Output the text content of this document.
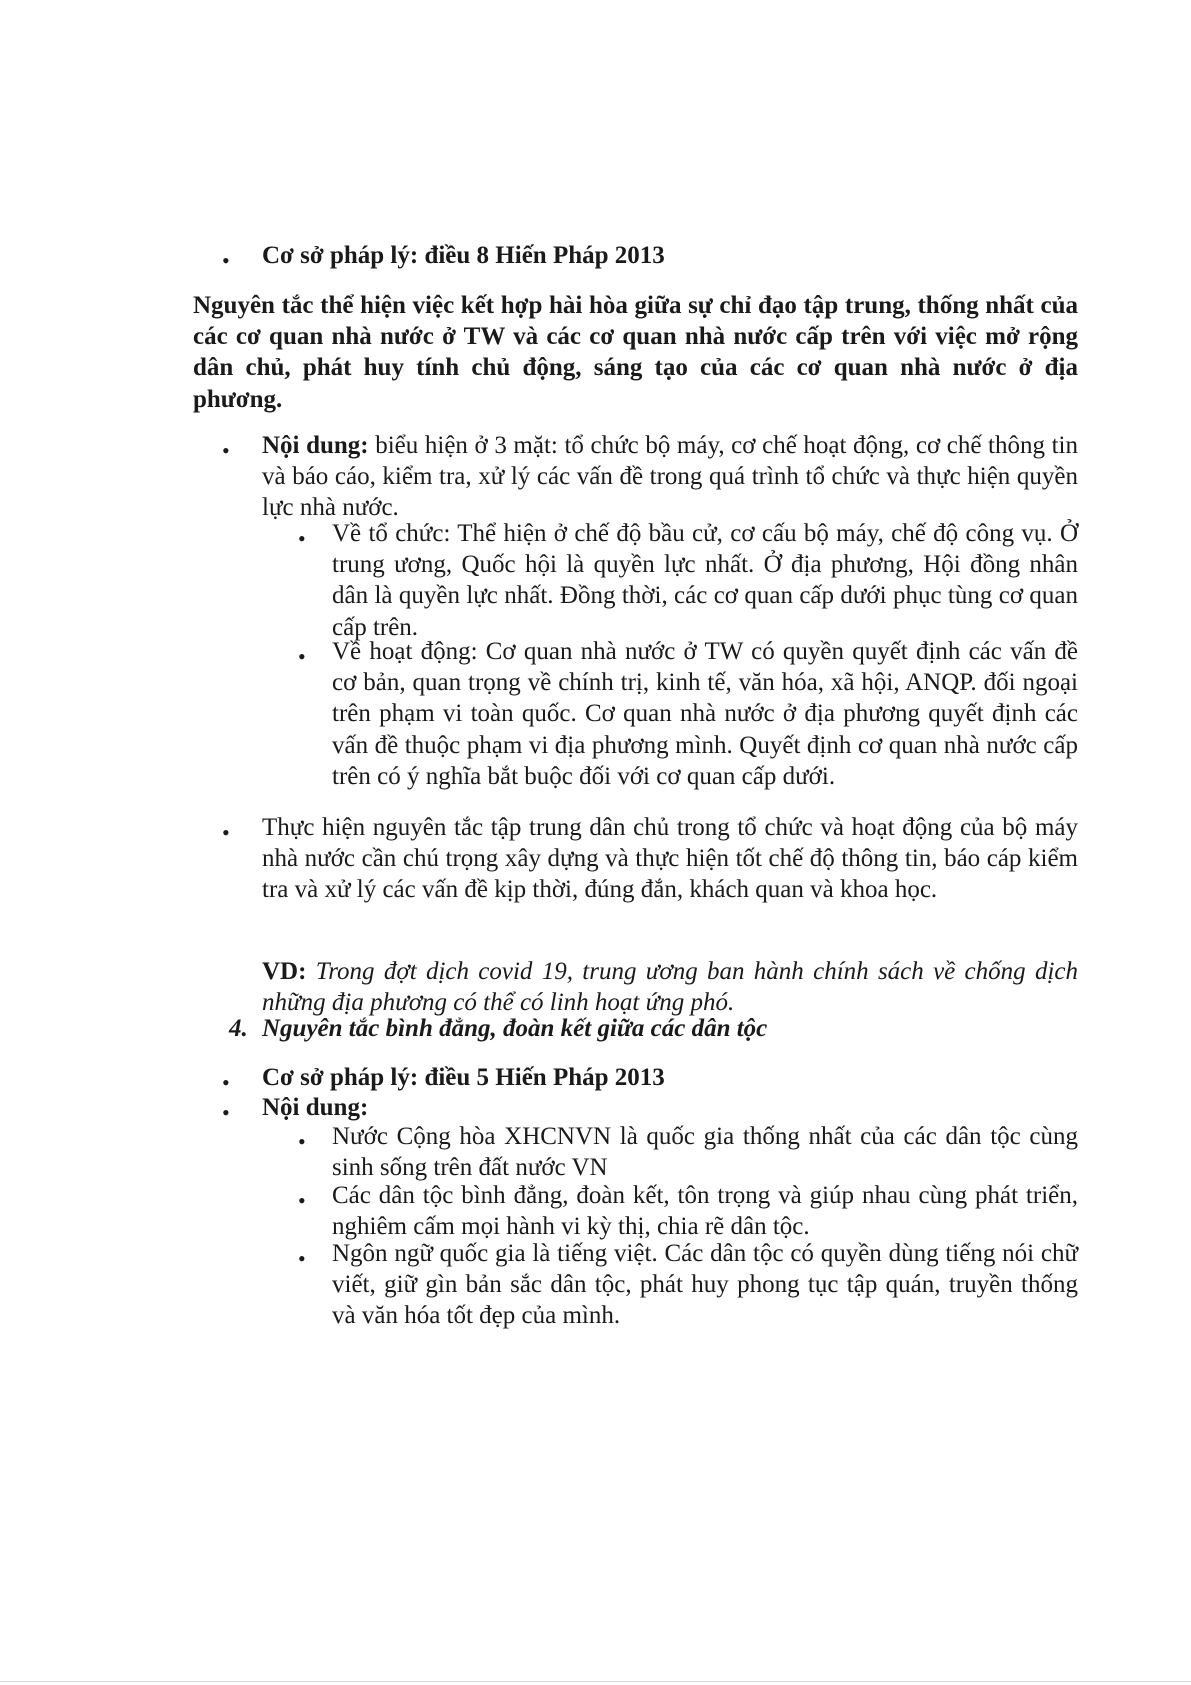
• Cơ sở pháp lý: điều 8 Hiến Pháp 2013
Nguyên tắc thể hiện việc kết hợp hài hòa giữa sự chỉ đạo tập trung, thống nhất của các cơ quan nhà nước ở TW và các cơ quan nhà nước cấp trên với việc mở rộng dân chủ, phát huy tính chủ động, sáng tạo của các cơ quan nhà nước ở địa phương.
• Nội dung: biểu hiện ở 3 mặt: tổ chức bộ máy, cơ chế hoạt động, cơ chế thông tin và báo cáo, kiểm tra, xử lý các vấn đề trong quá trình tổ chức và thực hiện quyền lực nhà nước.
• Về tổ chức: Thể hiện ở chế độ bầu cử, cơ cấu bộ máy, chế độ công vụ. Ở trung ương, Quốc hội là quyền lực nhất. Ở địa phương, Hội đồng nhân dân là quyền lực nhất. Đồng thời, các cơ quan cấp dưới phục tùng cơ quan cấp trên.
• Về hoạt động: Cơ quan nhà nước ở TW có quyền quyết định các vấn đề cơ bản, quan trọng về chính trị, kinh tế, văn hóa, xã hội, ANQP. đối ngoại trên phạm vi toàn quốc. Cơ quan nhà nước ở địa phương quyết định các vấn đề thuộc phạm vi địa phương mình. Quyết định cơ quan nhà nước cấp trên có ý nghĩa bắt buộc đối với cơ quan cấp dưới.
• Thực hiện nguyên tắc tập trung dân chủ trong tổ chức và hoạt động của bộ máy nhà nước cần chú trọng xây dựng và thực hiện tốt chế độ thông tin, báo cáp kiểm tra và xử lý các vấn đề kịp thời, đúng đắn, khách quan và khoa học.
VD: Trong đợt dịch covid 19, trung ương ban hành chính sách về chống dịch những địa phương có thể có linh hoạt ứng phó.
4. Nguyên tắc bình đẳng, đoàn kết giữa các dân tộc
• Cơ sở pháp lý: điều 5 Hiến Pháp 2013
• Nội dung:
• Nước Cộng hòa XHCNVN là quốc gia thống nhất của các dân tộc cùng sinh sống trên đất nước VN
• Các dân tộc bình đẳng, đoàn kết, tôn trọng và giúp nhau cùng phát triển, nghiêm cấm mọi hành vi kỳ thị, chia rẽ dân tộc.
• Ngôn ngữ quốc gia là tiếng việt. Các dân tộc có quyền dùng tiếng nói chữ viết, giữ gìn bản sắc dân tộc, phát huy phong tục tập quán, truyền thống và văn hóa tốt đẹp của mình.
